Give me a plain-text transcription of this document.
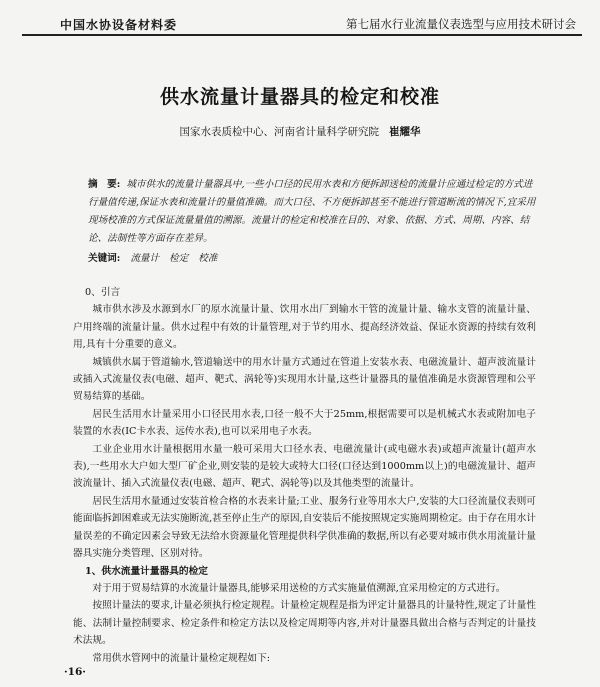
中国水协设备材料委	第七届水行业流量仪表选型与应用技术研讨会
供水流量计量器具的检定和校准
国家水表质检中心、河南省计量科学研究院 崔耀华
摘　要: 城市供水的流量计量器具中,一些小口径的民用水表和方便拆卸送检的流量计应通过检定的方式进行量值传递,保证水表和流量计的量值准确。而大口径、不方便拆卸甚至不能进行管道断流的情况下,宜采用现场校准的方式保证流量量值的溯源。流量计的检定和校准在目的、对象、依据、方式、周期、内容、结论、法制性等方面存在差异。
关键词: 流量计 检定 校准

0、引言

城市供水涉及水源到水厂的原水流量计量、饮用水出厂到输水干管的流量计量、输水支管的流量计量、户用终端的流量计量。供水过程中有效的计量管理,对于节约用水、提高经济效益、保证水资源的持续有效利用,具有十分重要的意义。

城镇供水属于管道输水,管道输送中的用水计量方式通过在管道上安装水表、电磁流量计、超声波流量计或插入式流量仪表(电磁、超声、靶式、涡轮等)实现用水计量,这些计量器具的量值准确是水资源管理和公平贸易结算的基础。

居民生活用水计量采用小口径民用水表,口径一般不大于25mm,根据需要可以是机械式水表或附加电子装置的水表(IC卡水表、远传水表),也可以采用电子水表。

工业企业用水计量根据用水量一般可采用大口径水表、电磁流量计(或电磁水表)或超声流量计(超声水表),一些用水大户如大型厂矿企业,则安装的是较大或特大口径(口径达到1000mm以上)的电磁流量计、超声波流量计、插入式流量仪表(电磁、超声、靶式、涡轮等)以及其他类型的流量计。

居民生活用水量通过安装首检合格的水表来计量;工业、服务行业等用水大户,安装的大口径流量仪表则可能面临拆卸困难或无法实施断流,甚至停止生产的原因,自安装后不能按照规定实施周期检定。由于存在用水计量误差的不确定因素会导致无法给水资源量化管理提供科学供准确的数据,所以有必要对城市供水用流量计量器具实施分类管理、区别对待。

1、供水流量计量器具的检定

对于用于贸易结算的水流量计量器具,能够采用送检的方式实施量值溯源,宜采用检定的方式进行。

按照计量法的要求,计量必须执行检定规程。计量检定规程是指为评定计量器具的计量特性,规定了计量性能、法制计量控制要求、检定条件和检定方法以及检定周期等内容,并对计量器具做出合格与否判定的计量技术法规。

常用供水管网中的流量计量检定规程如下:

·16·
